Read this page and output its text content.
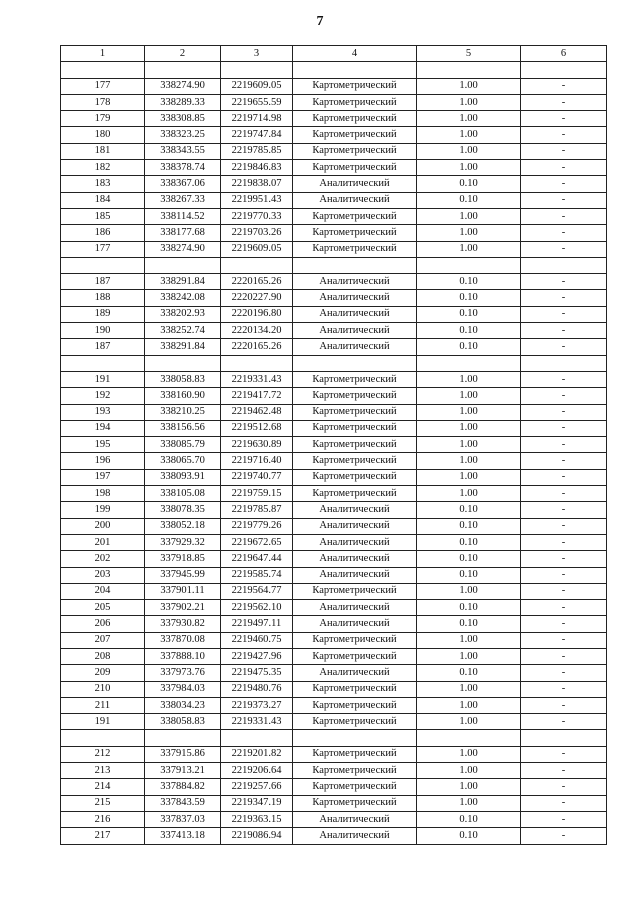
7
1	2	3	4	5	6

177	338274.90	2219609.05	Картометрический	1.00	-
178	338289.33	2219655.59	Картометрический	1.00	-
179	338308.85	2219714.98	Картометрический	1.00	-
180	338323.25	2219747.84	Картометрический	1.00	-
181	338343.55	2219785.85	Картометрический	1.00	-
182	338378.74	2219846.83	Картометрический	1.00	-
183	338367.06	2219838.07	Аналитический	0.10	-
184	338267.33	2219951.43	Аналитический	0.10	-
185	338114.52	2219770.33	Картометрический	1.00	-
186	338177.68	2219703.26	Картометрический	1.00	-
177	338274.90	2219609.05	Картометрический	1.00	-

187	338291.84	2220165.26	Аналитический	0.10	-
188	338242.08	2220227.90	Аналитический	0.10	-
189	338202.93	2220196.80	Аналитический	0.10	-
190	338252.74	2220134.20	Аналитический	0.10	-
187	338291.84	2220165.26	Аналитический	0.10	-

191	338058.83	2219331.43	Картометрический	1.00	-
192	338160.90	2219417.72	Картометрический	1.00	-
193	338210.25	2219462.48	Картометрический	1.00	-
194	338156.56	2219512.68	Картометрический	1.00	-
195	338085.79	2219630.89	Картометрический	1.00	-
196	338065.70	2219716.40	Картометрический	1.00	-
197	338093.91	2219740.77	Картометрический	1.00	-
198	338105.08	2219759.15	Картометрический	1.00	-
199	338078.35	2219785.87	Аналитический	0.10	-
200	338052.18	2219779.26	Аналитический	0.10	-
201	337929.32	2219672.65	Аналитический	0.10	-
202	337918.85	2219647.44	Аналитический	0.10	-
203	337945.99	2219585.74	Аналитический	0.10	-
204	337901.11	2219564.77	Картометрический	1.00	-
205	337902.21	2219562.10	Аналитический	0.10	-
206	337930.82	2219497.11	Аналитический	0.10	-
207	337870.08	2219460.75	Картометрический	1.00	-
208	337888.10	2219427.96	Картометрический	1.00	-
209	337973.76	2219475.35	Аналитический	0.10	-
210	337984.03	2219480.76	Картометрический	1.00	-
211	338034.23	2219373.27	Картометрический	1.00	-
191	338058.83	2219331.43	Картометрический	1.00	-

212	337915.86	2219201.82	Картометрический	1.00	-
213	337913.21	2219206.64	Картометрический	1.00	-
214	337884.82	2219257.66	Картометрический	1.00	-
215	337843.59	2219347.19	Картометрический	1.00	-
216	337837.03	2219363.15	Аналитический	0.10	-
217	337413.18	2219086.94	Аналитический	0.10	-
